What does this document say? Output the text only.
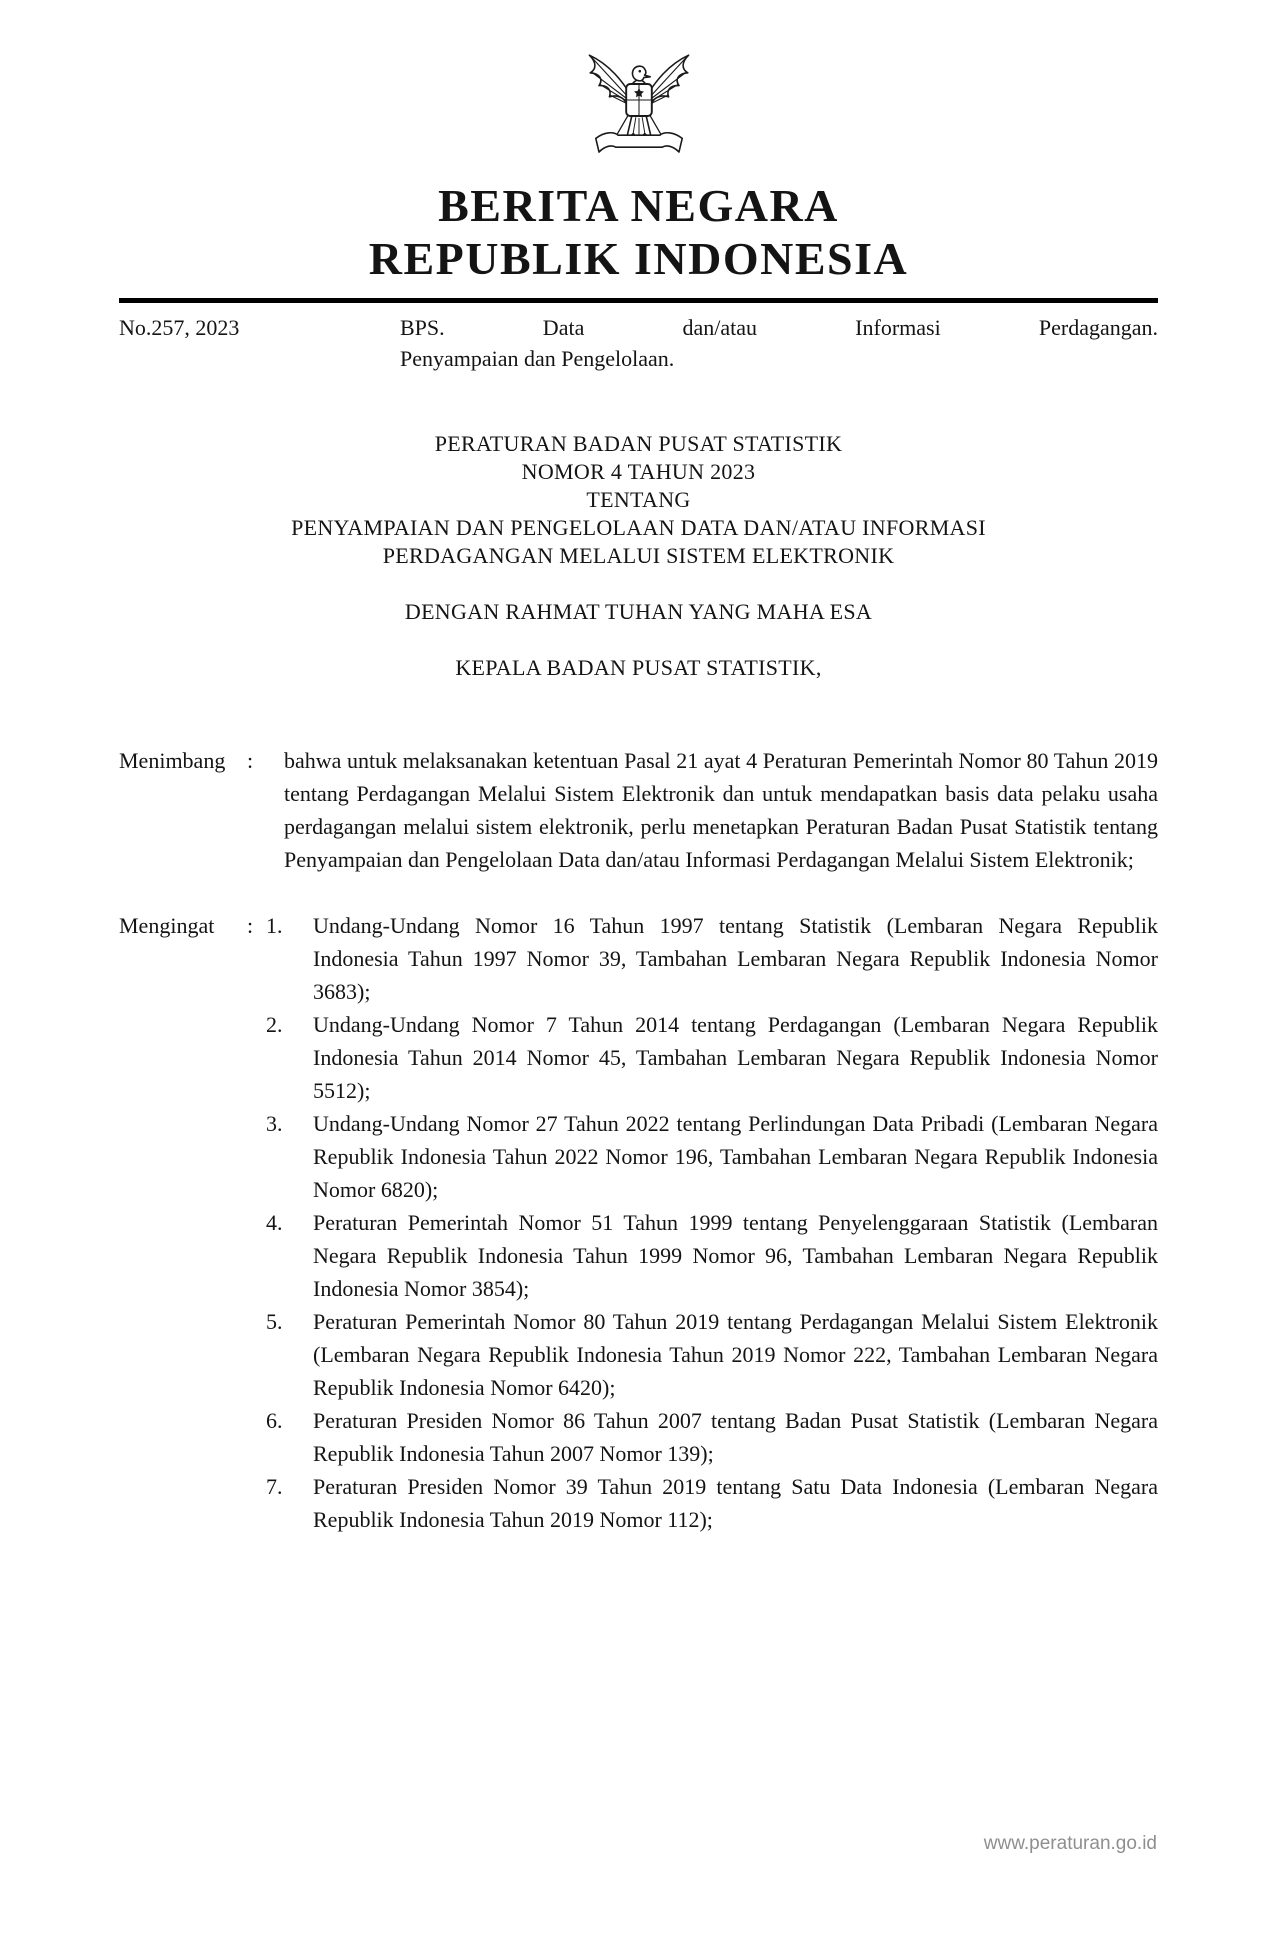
BERITA NEGARA
REPUBLIK INDONESIA
No.257, 2023	BPS. Data dan/atau Informasi Perdagangan.
Penyampaian dan Pengelolaan.
PERATURAN BADAN PUSAT STATISTIK
NOMOR 4 TAHUN 2023
TENTANG
PENYAMPAIAN DAN PENGELOLAAN DATA DAN/ATAU INFORMASI
PERDAGANGAN MELALUI SISTEM ELEKTRONIK
DENGAN RAHMAT TUHAN YANG MAHA ESA
KEPALA BADAN PUSAT STATISTIK,
Menimbang :	bahwa untuk melaksanakan ketentuan Pasal 21 ayat 4 Peraturan Pemerintah Nomor 80 Tahun 2019 tentang Perdagangan Melalui Sistem Elektronik dan untuk mendapatkan basis data pelaku usaha perdagangan melalui sistem elektronik, perlu menetapkan Peraturan Badan Pusat Statistik tentang Penyampaian dan Pengelolaan Data dan/atau Informasi Perdagangan Melalui Sistem Elektronik;
Mengingat	: 1.	Undang-Undang Nomor 16 Tahun 1997 tentang Statistik (Lembaran Negara Republik Indonesia Tahun 1997 Nomor 39, Tambahan Lembaran Negara Republik Indonesia Nomor 3683);
2.	Undang-Undang Nomor 7 Tahun 2014 tentang Perdagangan (Lembaran Negara Republik Indonesia Tahun 2014 Nomor 45, Tambahan Lembaran Negara Republik Indonesia Nomor 5512);
3.	Undang-Undang Nomor 27 Tahun 2022 tentang Perlindungan Data Pribadi (Lembaran Negara Republik Indonesia Tahun 2022 Nomor 196, Tambahan Lembaran Negara Republik Indonesia Nomor 6820);
4.	Peraturan Pemerintah Nomor 51 Tahun 1999 tentang Penyelenggaraan Statistik (Lembaran Negara Republik Indonesia Tahun 1999 Nomor 96, Tambahan Lembaran Negara Republik Indonesia Nomor 3854);
5.	Peraturan Pemerintah Nomor 80 Tahun 2019 tentang Perdagangan Melalui Sistem Elektronik (Lembaran Negara Republik Indonesia Tahun 2019 Nomor 222, Tambahan Lembaran Negara Republik Indonesia Nomor 6420);
6.	Peraturan Presiden Nomor 86 Tahun 2007 tentang Badan Pusat Statistik (Lembaran Negara Republik Indonesia Tahun 2007 Nomor 139);
7.	Peraturan Presiden Nomor 39 Tahun 2019 tentang Satu Data Indonesia (Lembaran Negara Republik Indonesia Tahun 2019 Nomor 112);
www.peraturan.go.id
